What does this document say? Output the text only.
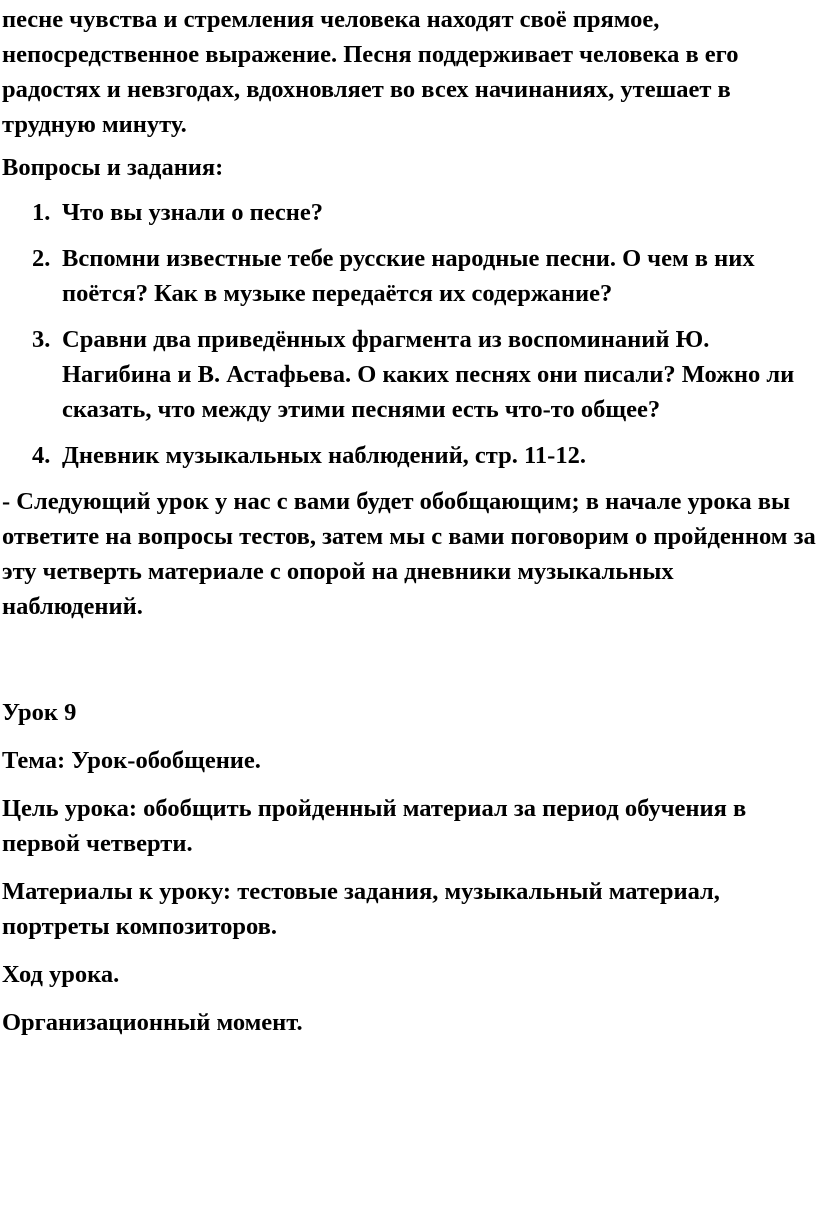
песне чувства и стремления человека находят своё прямое, непосредственное выражение. Песня поддерживает человека в его радостях и невзгодах, вдохновляет во всех начинаниях, утешает в трудную минуту.

Вопросы и задания:

1. Что вы узнали о песне?
2. Вспомни известные тебе русские народные песни. О чем в них поётся? Как в музыке передаётся их содержание?
3. Сравни два приведённых фрагмента из воспоминаний Ю. Нагибина и В. Астафьева. О каких песнях они писали? Можно ли сказать, что между этими песнями есть что-то общее?
4. Дневник музыкальных наблюдений, стр. 11-12.

- Следующий урок у нас с вами будет обобщающим; в начале урока вы ответите на вопросы тестов, затем мы с вами поговорим о пройденном за эту четверть материале с опорой на дневники музыкальных наблюдений.

Урок 9

Тема: Урок-обобщение.

Цель урока: обобщить пройденный материал за период обучения в первой четверти.

Материалы к уроку: тестовые задания, музыкальный материал, портреты композиторов.

Ход урока.

Организационный момент.
